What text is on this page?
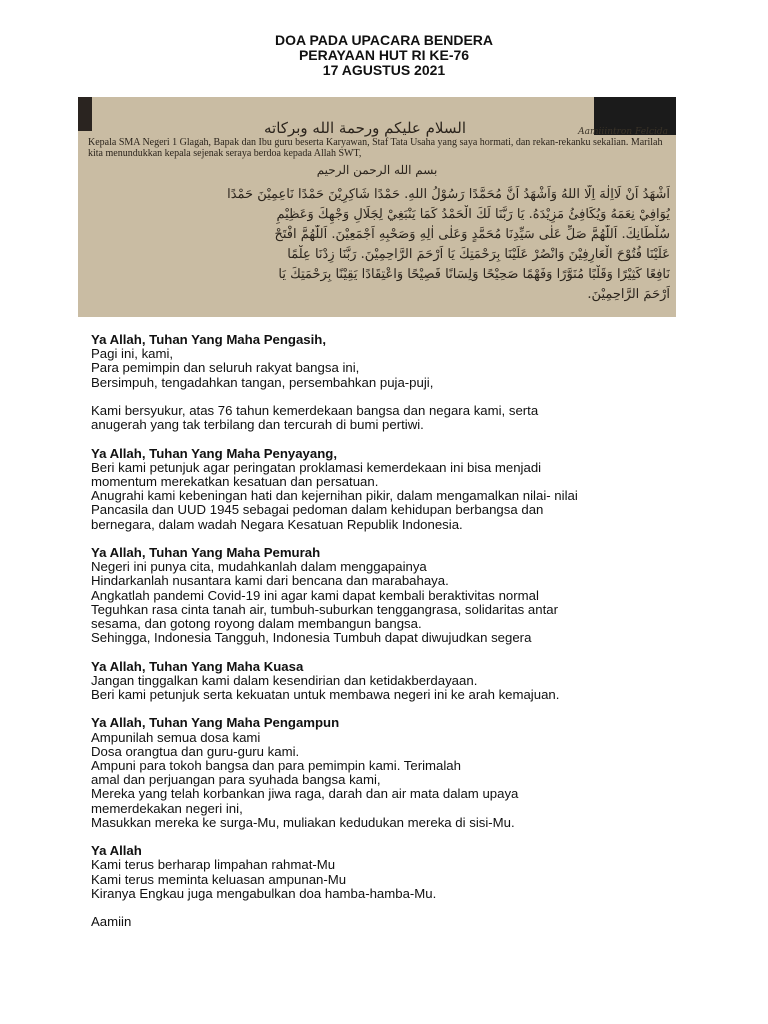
DOA PADA UPACARA BENDERA
PERAYAAN HUT RI KE-76
17 AGUSTUS 2021
السلام عليكم ورحمة الله وبركاته	Aamiiintron Felcida
Kepala SMA Negeri 1 Glagah, Bapak dan Ibu guru beserta Karyawan, Staf Tata Usaha yang saya hormati, dan rekan-rekanku sekalian. Marilah kita menundukkan kepala sejenak seraya berdoa kepada Allah SWT,
بسم الله الرحمن الرحيم

اَشْهَدُ اَنْ لَااِلٰهَ اِلَّا اللهُ وَاَشْهَدُ اَنَّ مُحَمَّدًا رَسُوْلُ اللهِ. حَمْدًا شَاكِرِيْنَ حَمْدًا نَاعِمِيْنَ حَمْدًا

يُوَافِيْ نِعَمَهُ وَيُكَافِئُ مَزِيْدَهُ. يَا رَبَّنَا لَكَ الْحَمْدُ كَمَا يَنْبَغِيْ لِجَلَالِ وَجْهِكَ وَعَظِيْمِ

سُلْطَانِكَ. اَللّٰهُمَّ صَلِّ عَلٰى سَيِّدِنَا مُحَمَّدٍ وَعَلٰى اٰلِهِ وَصَحْبِهِ اَجْمَعِيْنَ. اَللّٰهُمَّ افْتَحْ

عَلَيْنَا فُتُوْحَ الْعَارِفِيْنَ وَانْصُرْ عَلَيْنَا بِرَحْمَتِكَ يَا اَرْحَمَ الرَّاحِمِيْنَ. رَبَّنَا زِدْنَا عِلْمًا

نَافِعًا كَثِيْرًا وَقَلْبًا مُنَوَّرًا وَفَهْمًا صَحِيْحًا وَلِسَانًا فَصِيْحًا وَاعْتِقَادًا يَقِيْنًا بِرَحْمَتِكَ يَا

اَرْحَمَ الرَّاحِمِيْنَ.

Ya Allah, Tuhan Yang Maha Pengasih,
Pagi ini, kami,
Para pemimpin dan seluruh rakyat bangsa ini,
Bersimpuh, tengadahkan tangan, persembahkan puja-puji,
Kami bersyukur, atas 76 tahun kemerdekaan bangsa dan negara kami, serta
anugerah yang tak terbilang dan tercurah di bumi pertiwi.
Ya Allah, Tuhan Yang Maha Penyayang,
Beri kami petunjuk agar peringatan proklamasi kemerdekaan ini bisa menjadi
momentum merekatkan kesatuan dan persatuan.
Anugrahi kami kebeningan hati dan kejernihan pikir, dalam mengamalkan nilai- nilai
Pancasila dan UUD 1945 sebagai pedoman dalam kehidupan berbangsa dan
bernegara, dalam wadah Negara Kesatuan Republik Indonesia.
Ya Allah, Tuhan Yang Maha Pemurah
Negeri ini punya cita, mudahkanlah dalam menggapainya
Hindarkanlah nusantara kami dari bencana dan marabahaya.
Angkatlah pandemi Covid-19 ini agar kami dapat kembali beraktivitas normal
Teguhkan rasa cinta tanah air, tumbuh-suburkan tenggangrasa, solidaritas antar
sesama, dan gotong royong dalam membangun bangsa.
Sehingga, Indonesia Tangguh, Indonesia Tumbuh dapat diwujudkan segera
Ya Allah, Tuhan Yang Maha Kuasa
Jangan tinggalkan kami dalam kesendirian dan ketidakberdayaan.
Beri kami petunjuk serta kekuatan untuk membawa negeri ini ke arah kemajuan.
Ya Allah, Tuhan Yang Maha Pengampun
Ampunilah semua dosa kami
Dosa orangtua dan guru-guru kami.
Ampuni para tokoh bangsa dan para pemimpin kami. Terimalah
amal dan perjuangan para syuhada bangsa kami,
Mereka yang telah korbankan jiwa raga, darah dan air mata dalam upaya
memerdekakan negeri ini,
Masukkan mereka ke surga-Mu, muliakan kedudukan mereka di sisi-Mu.
Ya Allah
Kami terus berharap limpahan rahmat-Mu
Kami terus meminta keluasan ampunan-Mu
Kiranya Engkau juga mengabulkan doa hamba-hamba-Mu.
Aamiin
